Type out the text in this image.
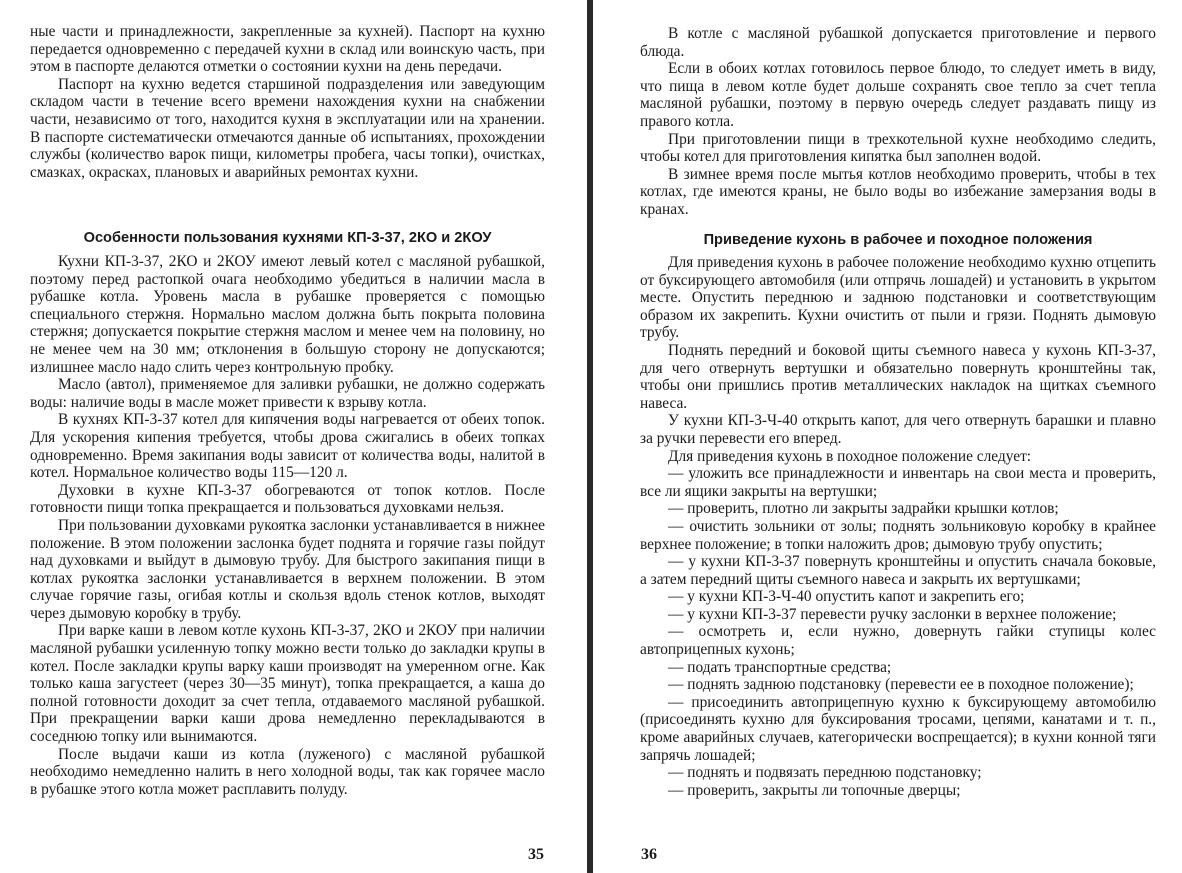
ные части и принадлежности, закрепленные за кухней). Паспорт на кухню передается одновременно с передачей кухни в склад или воинскую часть, при этом в паспорте делаются отметки о состоянии кухни на день передачи.

Паспорт на кухню ведется старшиной подразделения или заведующим складом части в течение всего времени нахождения кухни на снабжении части, независимо от того, находится кухня в эксплуатации или на хранении. В паспорте систематически отмечаются данные об испытаниях, прохождении службы (количество варок пищи, километры пробега, часы топки), очистках, смазках, окрасках, плановых и аварийных ремонтах кухни.

Особенности пользования кухнями КП-3-37, 2КО и 2КОУ

Кухни КП-3-37, 2КО и 2КОУ имеют левый котел с масляной рубашкой, поэтому перед растопкой очага необходимо убедиться в наличии масла в рубашке котла. Уровень масла в рубашке проверяется с помощью специального стержня. Нормально маслом должна быть покрыта половина стержня; допускается покрытие стержня маслом и менее чем на половину, но не менее чем на 30 мм; отклонения в большую сторону не допускаются; излишнее масло надо слить через контрольную пробку.

Масло (автол), применяемое для заливки рубашки, не должно содержать воды: наличие воды в масле может привести к взрыву котла.

В кухнях КП-3-37 котел для кипячения воды нагревается от обеих топок. Для ускорения кипения требуется, чтобы дрова сжигались в обеих топках одновременно. Время закипания воды зависит от количества воды, налитой в котел. Нормальное количество воды 115—120 л.

Духовки в кухне КП-3-37 обогреваются от топок котлов. После готовности пищи топка прекращается и пользоваться духовками нельзя.

При пользовании духовками рукоятка заслонки устанавливается в нижнее положение. В этом положении заслонка будет поднята и горячие газы пойдут над духовками и выйдут в дымовую трубу. Для быстрого закипания пищи в котлах рукоятка заслонки устанавливается в верхнем положении. В этом случае горячие газы, огибая котлы и скользя вдоль стенок котлов, выходят через дымовую коробку в трубу.

При варке каши в левом котле кухонь КП-3-37, 2КО и 2КОУ при наличии масляной рубашки усиленную топку можно вести только до закладки крупы в котел. После закладки крупы варку каши производят на умеренном огне. Как только каша загустеет (через 30—35 минут), топка прекращается, а каша до полной готовности доходит за счет тепла, отдаваемого масляной рубашкой. При прекращении варки каши дрова немедленно перекладываются в соседнюю топку или вынимаются.

После выдачи каши из котла (луженого) с масляной рубашкой необходимо немедленно налить в него холодной воды, так как горячее масло в рубашке этого котла может расплавить полуду.

35

В котле с масляной рубашкой допускается приготовление и первого блюда.

Если в обоих котлах готовилось первое блюдо, то следует иметь в виду, что пища в левом котле будет дольше сохранять свое тепло за счет тепла масляной рубашки, поэтому в первую очередь следует раздавать пищу из правого котла.

При приготовлении пищи в трехкотельной кухне необходимо следить, чтобы котел для приготовления кипятка был заполнен водой.

В зимнее время после мытья котлов необходимо проверить, чтобы в тех котлах, где имеются краны, не было воды во избежание замерзания воды в кранах.

Приведение кухонь в рабочее и походное положения

Для приведения кухонь в рабочее положение необходимо кухню отцепить от буксирующего автомобиля (или отпрячь лошадей) и установить в укрытом месте. Опустить переднюю и заднюю подстановки и соответствующим образом их закрепить. Кухни очистить от пыли и грязи. Поднять дымовую трубу.

Поднять передний и боковой щиты съемного навеса у кухонь КП-3-37, для чего отвернуть вертушки и обязательно повернуть кронштейны так, чтобы они пришлись против металлических накладок на щитках съемного навеса.

У кухни КП-3-Ч-40 открыть капот, для чего отвернуть барашки и плавно за ручки перевести его вперед.

Для приведения кухонь в походное положение следует:

— уложить все принадлежности и инвентарь на свои места и проверить, все ли ящики закрыты на вертушки;

— проверить, плотно ли закрыты задрайки крышки котлов;

— очистить зольники от золы; поднять зольниковую коробку в крайнее верхнее положение; в топки наложить дров; дымовую трубу опустить;

— у кухни КП-3-37 повернуть кронштейны и опустить сначала боковые, а затем передний щиты съемного навеса и закрыть их вертушками;

— у кухни КП-3-Ч-40 опустить капот и закрепить его;

— у кухни КП-3-37 перевести ручку заслонки в верхнее положение;

— осмотреть и, если нужно, довернуть гайки ступицы колес автоприцепных кухонь;

— подать транспортные средства;

— поднять заднюю подстановку (перевести ее в походное положение);

— присоединить автоприцепную кухню к буксирующему автомобилю (присоединять кухню для буксирования тросами, цепями, канатами и т. п., кроме аварийных случаев, категорически воспрещается); в кухни конной тяги запрячь лошадей;

— поднять и подвязать переднюю подстановку;

— проверить, закрыты ли топочные дверцы;

36
